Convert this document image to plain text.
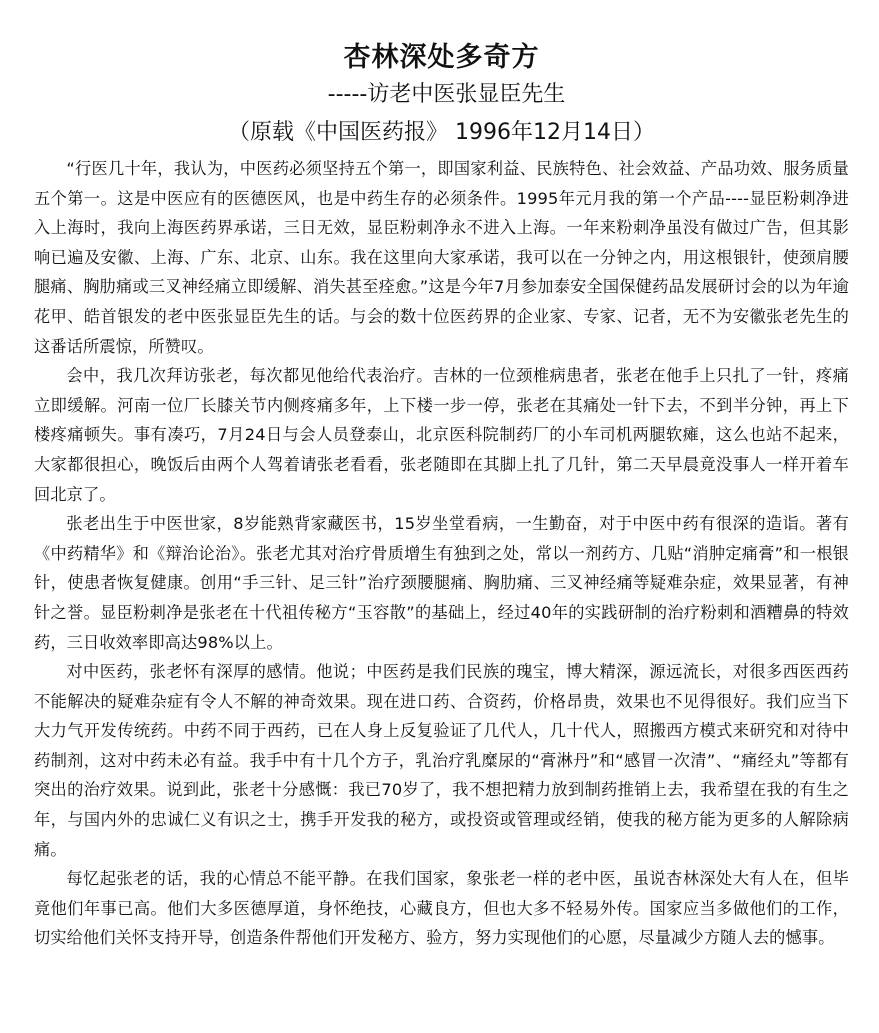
杏林深处多奇方
-----访老中医张显臣先生
（原载《中国医药报》 1996年12月14日）

“行医几十年，我认为，中医药必须坚持五个第一，即国家利益、民族特色、社会效益、产品功效、服务质量五个第一。这是中医应有的医德医风，也是中药生存的必须条件。1995年元月我的第一个产品----显臣粉刺净进入上海时，我向上海医药界承诺，三日无效，显臣粉刺净永不进入上海。一年来粉刺净虽没有做过广告，但其影响已遍及安徽、上海、广东、北京、山东。我在这里向大家承诺，我可以在一分钟之内，用这根银针，使颈肩腰腿痛、胸肋痛或三叉神经痛立即缓解、消失甚至痊愈。”这是今年7月参加泰安全国保健药品发展研讨会的以为年逾花甲、皓首银发的老中医张显臣先生的话。与会的数十位医药界的企业家、专家、记者，无不为安徽张老先生的这番话所震惊，所赞叹。

会中，我几次拜访张老，每次都见他给代表治疗。吉林的一位颈椎病患者，张老在他手上只扎了一针，疼痛立即缓解。河南一位厂长膝关节内侧疼痛多年，上下楼一步一停，张老在其痛处一针下去，不到半分钟，再上下楼疼痛顿失。事有凑巧，7月24日与会人员登泰山，北京医科院制药厂的小车司机两腿软瘫，这么也站不起来，大家都很担心，晚饭后由两个人驾着请张老看看，张老随即在其脚上扎了几针，第二天早晨竟没事人一样开着车回北京了。

张老出生于中医世家，8岁能熟背家藏医书，15岁坐堂看病，一生勤奋，对于中医中药有很深的造诣。著有《中药精华》和《辩治论治》。张老尤其对治疗骨质增生有独到之处，常以一剂药方、几贴“消肿定痛膏”和一根银针，使患者恢复健康。创用“手三针、足三针”治疗颈腰腿痛、胸肋痛、三叉神经痛等疑难杂症，效果显著，有神针之誉。显臣粉刺净是张老在十代祖传秘方“玉容散”的基础上，经过40年的实践研制的治疗粉刺和酒糟鼻的特效药，三日收效率即高达98%以上。

对中医药，张老怀有深厚的感情。他说；中医药是我们民族的瑰宝，博大精深，源远流长，对很多西医西药不能解决的疑难杂症有令人不解的神奇效果。现在进口药、合资药，价格昂贵，效果也不见得很好。我们应当下大力气开发传统药。中药不同于西药，已在人身上反复验证了几代人，几十代人，照搬西方模式来研究和对待中药制剂，这对中药未必有益。我手中有十几个方子，乳治疗乳糜尿的“膏淋丹”和“感冒一次清”、“痛经丸”等都有突出的治疗效果。说到此，张老十分感慨：我已70岁了，我不想把精力放到制药推销上去，我希望在我的有生之年，与国内外的忠诚仁义有识之士，携手开发我的秘方，或投资或管理或经销，使我的秘方能为更多的人解除病痛。

每忆起张老的话，我的心情总不能平静。在我们国家，象张老一样的老中医，虽说杏林深处大有人在，但毕竟他们年事已高。他们大多医德厚道，身怀绝技，心藏良方，但也大多不轻易外传。国家应当多做他们的工作，切实给他们关怀支持开导，创造条件帮他们开发秘方、验方，努力实现他们的心愿，尽量减少方随人去的憾事。
